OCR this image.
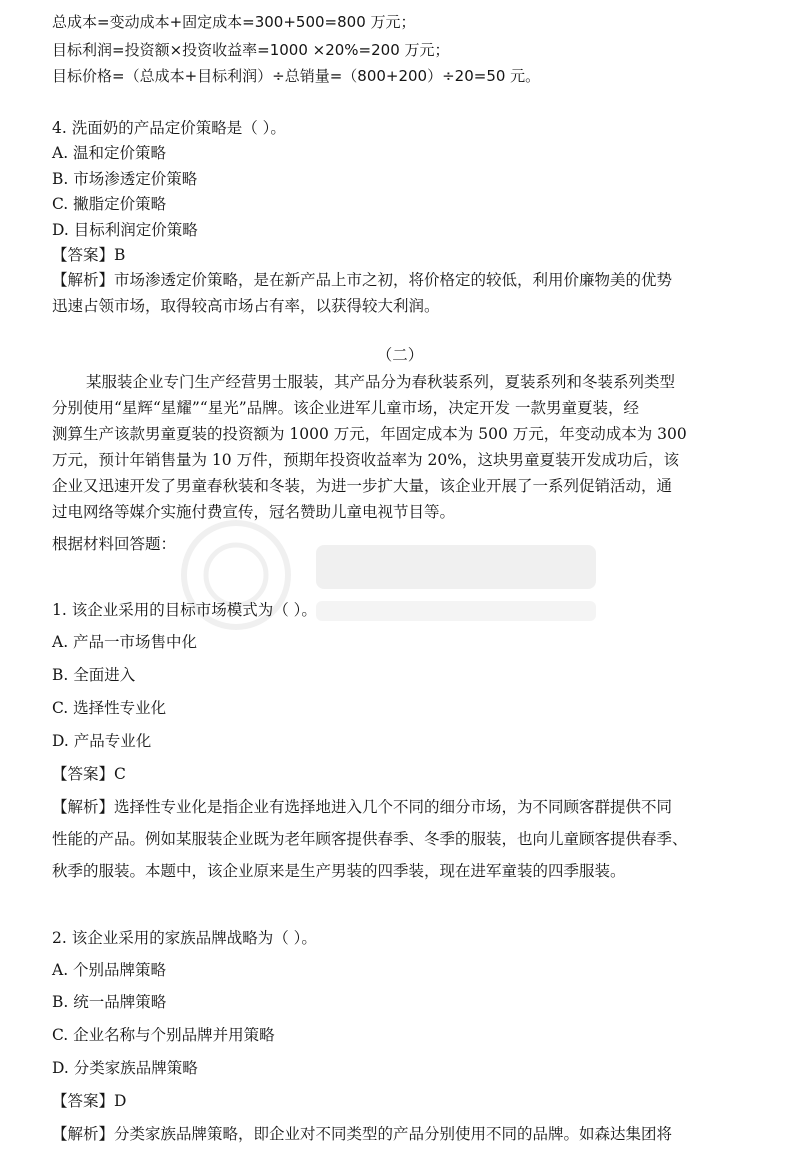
总成本=变动成本+固定成本=300+500=800 万元；
目标利润=投资额×投资收益率=1000 ×20%=200 万元；
目标价格=（总成本+目标利润）÷总销量=（800+200）÷20=50 元。
4. 洗面奶的产品定价策略是（ ）。
A. 温和定价策略
B. 市场渗透定价策略
C. 撇脂定价策略
D. 目标利润定价策略
【答案】B
【解析】市场渗透定价策略，是在新产品上市之初，将价格定的较低，利用价廉物美的优势
迅速占领市场，取得较高市场占有率，以获得较大利润。
（二）
某服装企业专门生产经营男士服装，其产品分为春秋装系列，夏装系列和冬装系列类型
分别使用“星辉“星耀”“星光”品牌。该企业进军儿童市场，决定开发 一款男童夏装，经
测算生产该款男童夏装的投资额为 1000 万元，年固定成本为 500 万元，年变动成本为 300
万元，预计年销售量为 10 万件，预期年投资收益率为 20%，这块男童夏装开发成功后，该
企业又迅速开发了男童春秋装和冬装，为进一步扩大量，该企业开展了一系列促销活动，通
过电网络等媒介实施付费宣传，冠名赞助儿童电视节目等。
根据材料回答题：
1. 该企业采用的目标市场模式为（ ）。
A. 产品一市场售中化
B. 全面进入
C. 选择性专业化
D. 产品专业化
【答案】C
【解析】选择性专业化是指企业有选择地进入几个不同的细分市场，为不同顾客群提供不同
性能的产品。例如某服装企业既为老年顾客提供春季、冬季的服装，也向儿童顾客提供春季、
秋季的服装。本题中，该企业原来是生产男装的四季装，现在进军童装的四季服装。
2. 该企业采用的家族品牌战略为（ ）。
A. 个别品牌策略
B. 统一品牌策略
C. 企业名称与个别品牌并用策略
D. 分类家族品牌策略
【答案】D
【解析】分类家族品牌策略，即企业对不同类型的产品分别使用不同的品牌。如森达集团将
